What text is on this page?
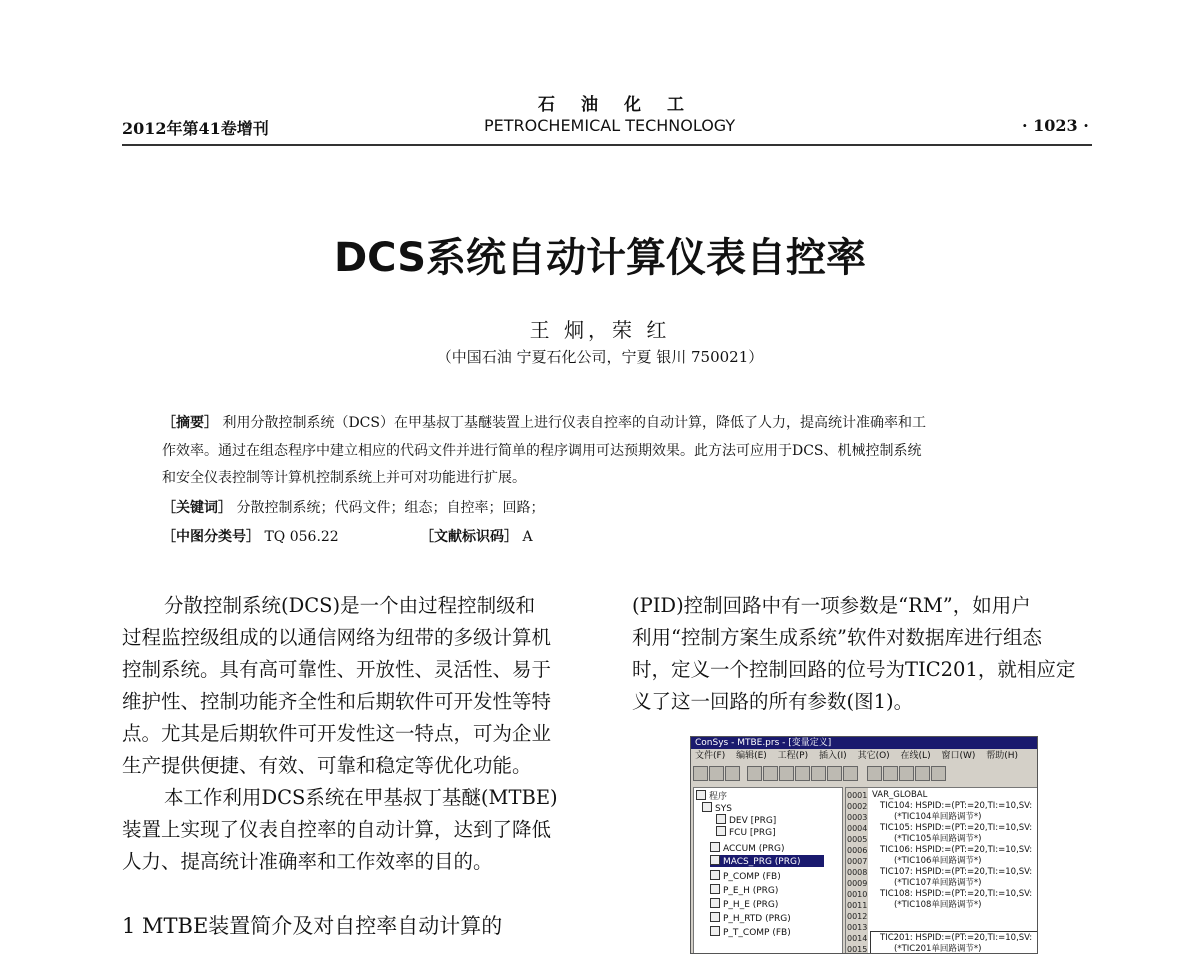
石油化工
2012年第41卷增刊	PETROCHEMICAL TECHNOLOGY	· 1023 ·
DCS系统自动计算仪表自控率
王 炯，荣 红
（中国石油 宁夏石化公司，宁夏 银川 750021）
［摘要］ 利用分散控制系统（DCS）在甲基叔丁基醚装置上进行仪表自控率的自动计算，降低了人力，提高统计准确率和工
作效率。通过在组态程序中建立相应的代码文件并进行简单的程序调用可达预期效果。此方法可应用于DCS、机械控制系统
和安全仪表控制等计算机控制系统上并可对功能进行扩展。
［关键词］ 分散控制系统；代码文件；组态；自控率；回路；
［中图分类号］ TQ 056.22	［文献标识码］ A
分散控制系统(DCS)是一个由过程控制级和
过程监控级组成的以通信网络为纽带的多级计算机
控制系统。具有高可靠性、开放性、灵活性、易于
维护性、控制功能齐全性和后期软件可开发性等特
点。尤其是后期软件可开发性这一特点，可为企业
生产提供便捷、有效、可靠和稳定等优化功能。
本工作利用DCS系统在甲基叔丁基醚(MTBE)
装置上实现了仪表自控率的自动计算，达到了降低
人力、提高统计准确率和工作效率的目的。
1 MTBE装置简介及对自控率自动计算的
(PID)控制回路中有一项参数是“RM”，如用户
利用“控制方案生成系统”软件对数据库进行组态
时，定义一个控制回路的位号为TIC201，就相应定
义了这一回路的所有参数(图1)。
ConSys - MTBE.prs - [变量定义]
文件(F) 编辑(E) 工程(P) 插入(I) 其它(O) 在线(L) 窗口(W) 帮助(H)
程序
SYS
DEV [PRG]
FCU [PRG]
ACCUM (PRG)
MACS_PRG (PRG)
P_COMP (FB)
P_E_H (PRG)
P_H_E (PRG)
P_H_RTD (PRG)
P_T_COMP (FB)
0001
0002
0003
0004
0005
0006
0007
0008
0009
0010
0011
0012
0013
0014
0015
VAR_GLOBAL
TIC104: HSPID:=(PT:=20,TI:=10,SV:
(*TIC104单回路调节*)
TIC105: HSPID:=(PT:=20,TI:=10,SV:
(*TIC105单回路调节*)
TIC106: HSPID:=(PT:=20,TI:=10,SV:
(*TIC106单回路调节*)
TIC107: HSPID:=(PT:=20,TI:=10,SV:
(*TIC107单回路调节*)
TIC108: HSPID:=(PT:=20,TI:=10,SV:
(*TIC108单回路调节*)
TIC201: HSPID:=(PT:=20,TI:=10,SV:
(*TIC201单回路调节*)
